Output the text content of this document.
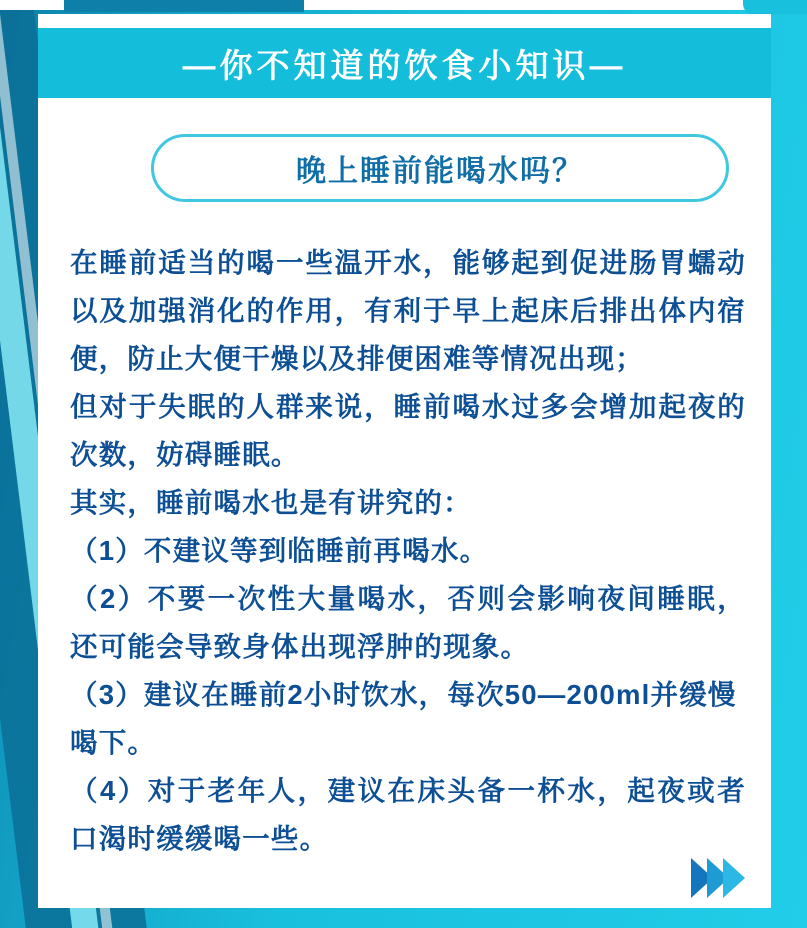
—你不知道的饮食小知识—
晚上睡前能喝水吗？

在睡前适当的喝一些温开水，能够起到促进肠胃蠕动以及加强消化的作用，有利于早上起床后排出体内宿便，防止大便干燥以及排便困难等情况出现；

但对于失眠的人群来说，睡前喝水过多会增加起夜的次数，妨碍睡眠。

其实，睡前喝水也是有讲究的：

（1）不建议等到临睡前再喝水。

（2）不要一次性大量喝水，否则会影响夜间睡眠，还可能会导致身体出现浮肿的现象。

（3）建议在睡前2小时饮水，每次50—200ml并缓慢喝下。

（4）对于老年人，建议在床头备一杯水，起夜或者口渴时缓缓喝一些。
